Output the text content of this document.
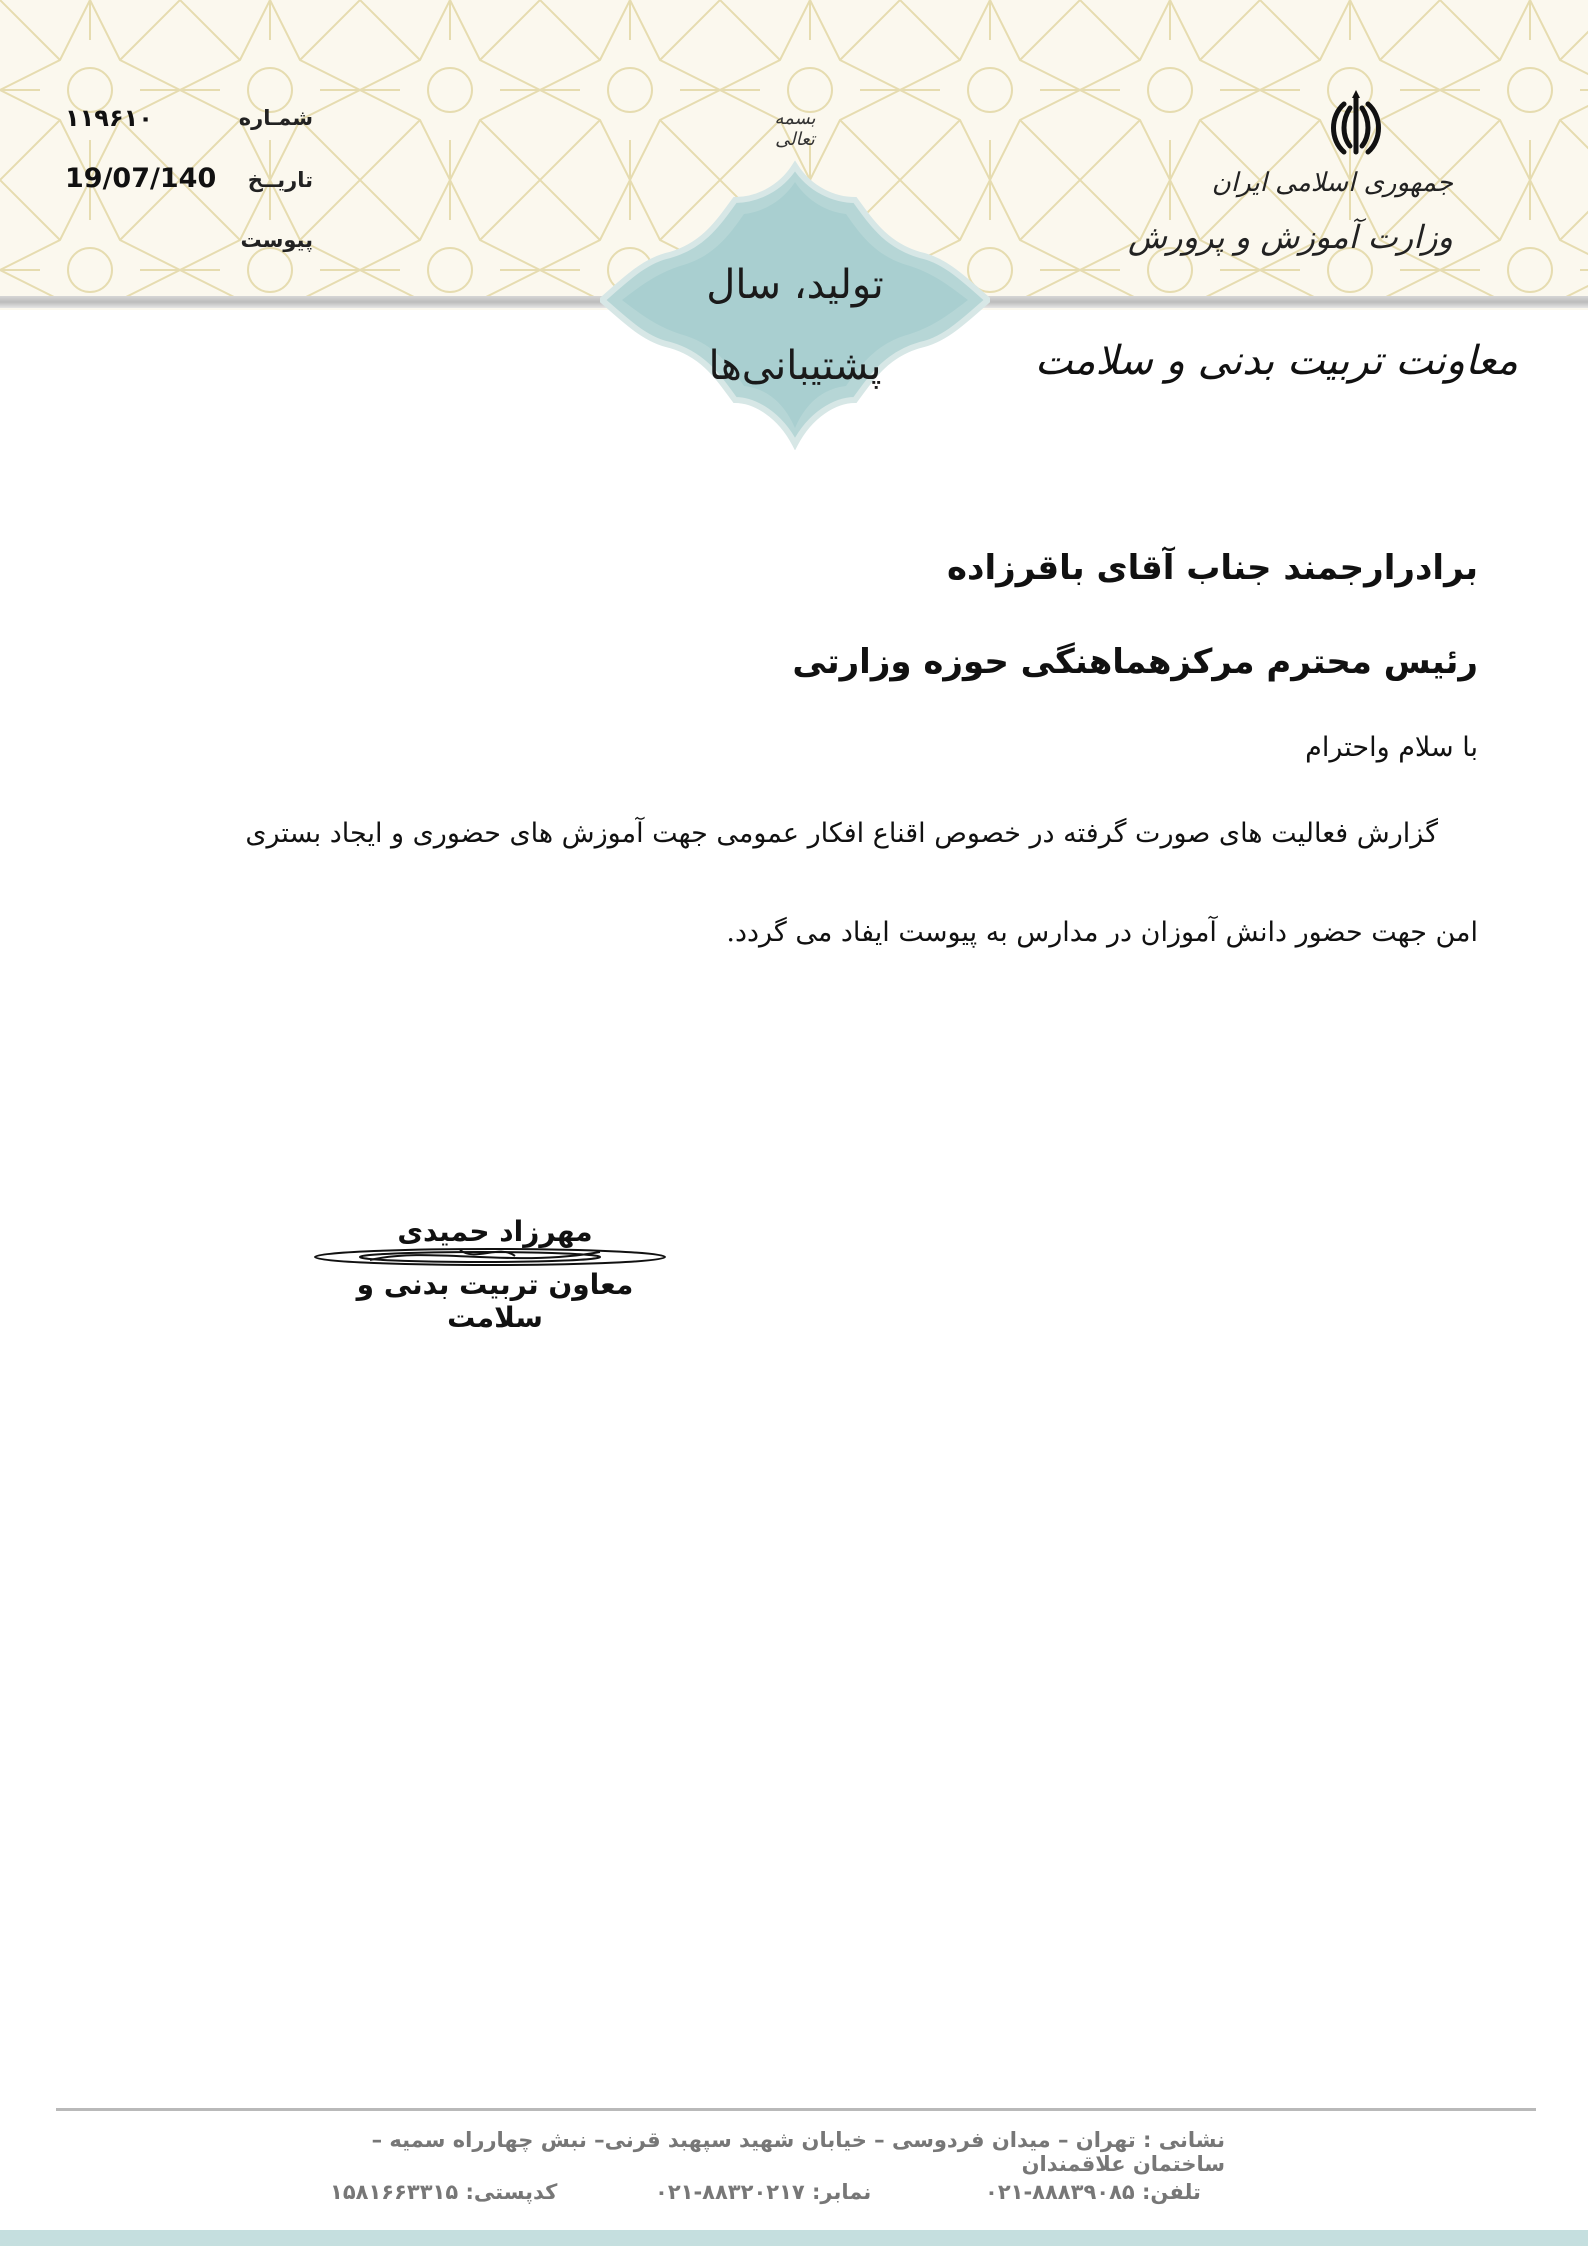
تولید، سال
پشتیبانی‌ها
شمـاره
۱۱۹۶۱۰
تاریــخ
19/07/140
پیوست
بسمه تعالی
جمهوری اسلامی ایران
وزارت آموزش و پرورش
معاونت تربیت بدنی و سلامت
برادرارجمند جناب آقای باقرزاده
رئیس محترم مرکزهماهنگی حوزه وزارتی
با سلام واحترام
گزارش فعالیت های صورت گرفته در خصوص اقناع افکار عمومی جهت آموزش های حضوری و ایجاد بستری
امن جهت حضور دانش آموزان در مدارس به پیوست ایفاد می گردد.
مهرزاد حمیدی
معاون تربیت بدنی و سلامت
نشانی : تهران – میدان فردوسی – خیابان شهید سپهبد قرنی– نبش چهارراه سمیه – ساختمان علاقمندان
تلفن: ۸۸۸۳۹۰۸۵-۰۲۱
نمابر: ۸۸۳۲۰۲۱۷-۰۲۱
کدپستی: ۱۵۸۱۶۶۳۳۱۵
